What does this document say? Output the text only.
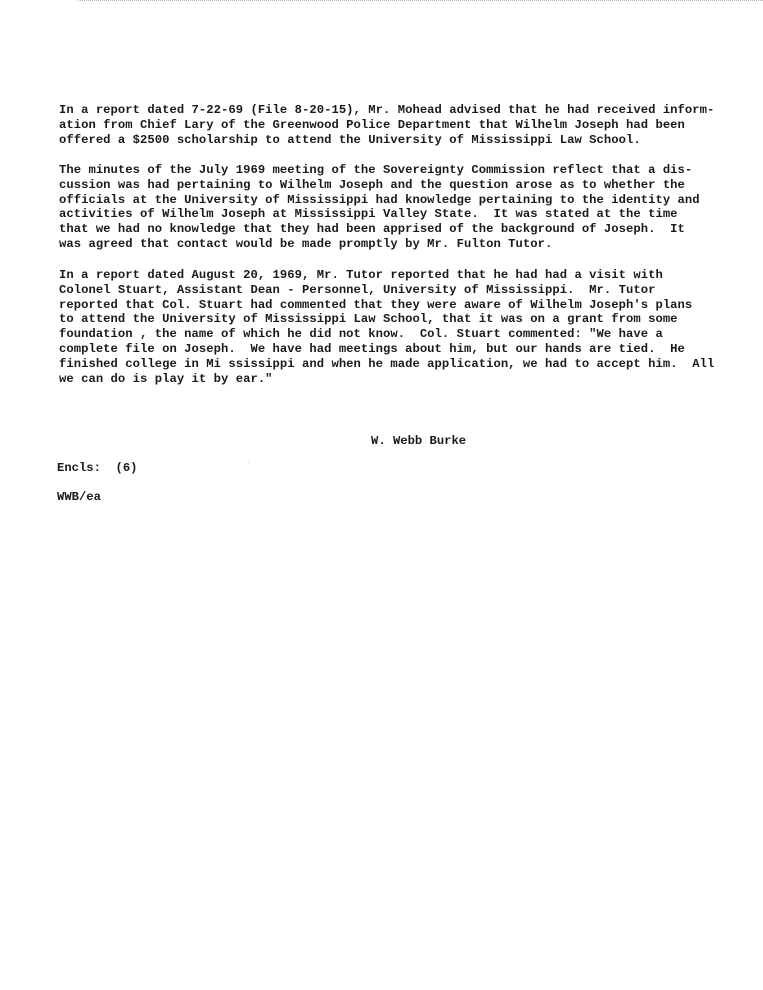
In a report dated 7-22-69 (File 8-20-15), Mr. Mohead advised that he had received inform-
ation from Chief Lary of the Greenwood Police Department that Wilhelm Joseph had been
offered a $2500 scholarship to attend the University of Mississippi Law School.

The minutes of the July 1969 meeting of the Sovereignty Commission reflect that a dis-
cussion was had pertaining to Wilhelm Joseph and the question arose as to whether the
officials at the University of Mississippi had knowledge pertaining to the identity and
activities of Wilhelm Joseph at Mississippi Valley State.  It was stated at the time
that we had no knowledge that they had been apprised of the background of Joseph.  It
was agreed that contact would be made promptly by Mr. Fulton Tutor.

In a report dated August 20, 1969, Mr. Tutor reported that he had had a visit with
Colonel Stuart, Assistant Dean - Personnel, University of Mississippi.  Mr. Tutor
reported that Col. Stuart had commented that they were aware of Wilhelm Joseph's plans
to attend the University of Mississippi Law School, that it was on a grant from some
foundation , the name of which he did not know.  Col. Stuart commented: "We have a
complete file on Joseph.  We have had meetings about him, but our hands are tied.  He
finished college in Mi ssissippi and when he made application, we had to accept him.  All
we can do is play it by ear."

W. Webb Burke
Encls:  (6)
WWB/ea
